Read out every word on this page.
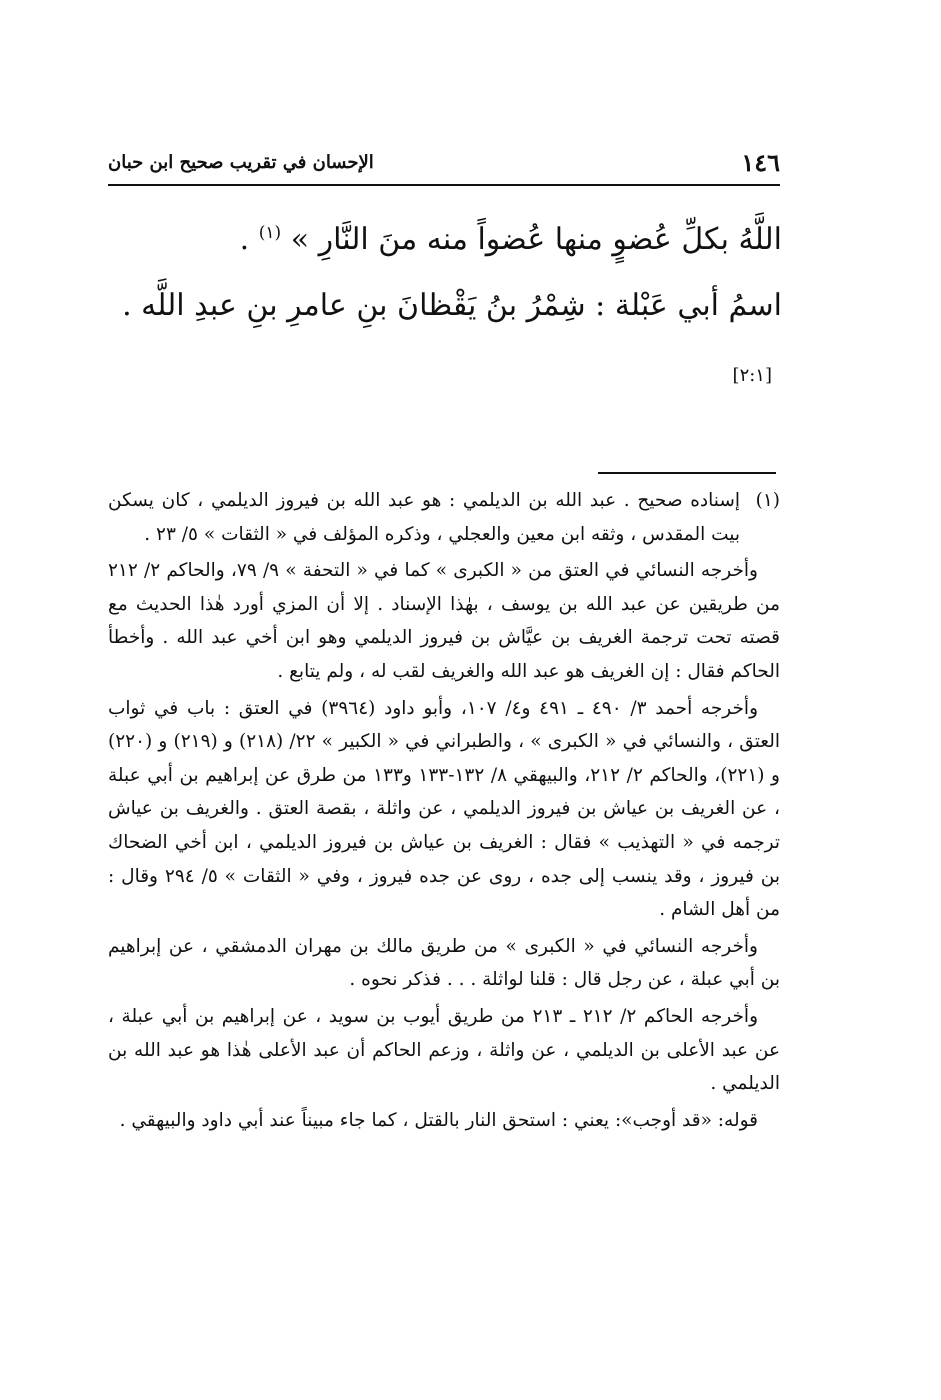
١٤٦
الإحسان في تقريب صحيح ابن حبان

اللَّهُ بكلِّ عُضوٍ منها عُضواً منه منَ النَّارِ » $^{(١)}$ .

اسمُ أبي عَبْلة : شِمْرُ بنُ يَقْظانَ بنِ عامرِ بنِ عبدِ اللَّه . [٢:١]

(١)
إسناده صحيح . عبد الله بن الديلمي : هو عبد الله بن فيروز الديلمي ، كان يسكن بيت المقدس ، وثقه ابن معين والعجلي ، وذكره المؤلف في « الثقات » ٥/ ٢٣ .

وأخرجه النسائي في العتق من « الكبرى » كما في « التحفة » ٩/ ٧٩، والحاكم ٢/ ٢١٢ من طريقين عن عبد الله بن يوسف ، بهٰذا الإسناد . إلا أن المزي أورد هٰذا الحديث مع قصته تحت ترجمة الغريف بن عيَّاش بن فيروز الديلمي وهو ابن أخي عبد الله . وأخطأ الحاكم فقال : إن الغريف هو عبد الله والغريف لقب له ، ولم يتابع .

وأخرجه أحمد ٣/ ٤٩٠ ـ ٤٩١ و٤/ ١٠٧، وأبو داود (٣٩٦٤) في العتق : باب في ثواب العتق ، والنسائي في « الكبرى » ، والطبراني في « الكبير » ٢٢/ (٢١٨) و (٢١٩) و (٢٢٠) و (٢٢١)، والحاكم ٢/ ٢١٢، والبيهقي ٨/ ١٣٢-١٣٣ و١٣٣ من طرق عن إبراهيم بن أبي عبلة ، عن الغريف بن عياش بن فيروز الديلمي ، عن واثلة ، بقصة العتق . والغريف بن عياش ترجمه في « التهذيب » فقال : الغريف بن عياش بن فيروز الديلمي ، ابن أخي الضحاك بن فيروز ، وقد ينسب إلى جده ، روى عن جده فيروز ، وفي « الثقات » ٥/ ٢٩٤ وقال : من أهل الشام .

وأخرجه النسائي في « الكبرى » من طريق مالك بن مهران الدمشقي ، عن إبراهيم بن أبي عبلة ، عن رجل قال : قلنا لواثلة . . . فذكر نحوه .

وأخرجه الحاكم ٢/ ٢١٢ ـ ٢١٣ من طريق أيوب بن سويد ، عن إبراهيم بن أبي عبلة ، عن عبد الأعلى بن الديلمي ، عن واثلة ، وزعم الحاكم أن عبد الأعلى هٰذا هو عبد الله بن الديلمي .

قوله: «قد أوجب»: يعني : استحق النار بالقتل ، كما جاء مبيناً عند أبي داود والبيهقي .
